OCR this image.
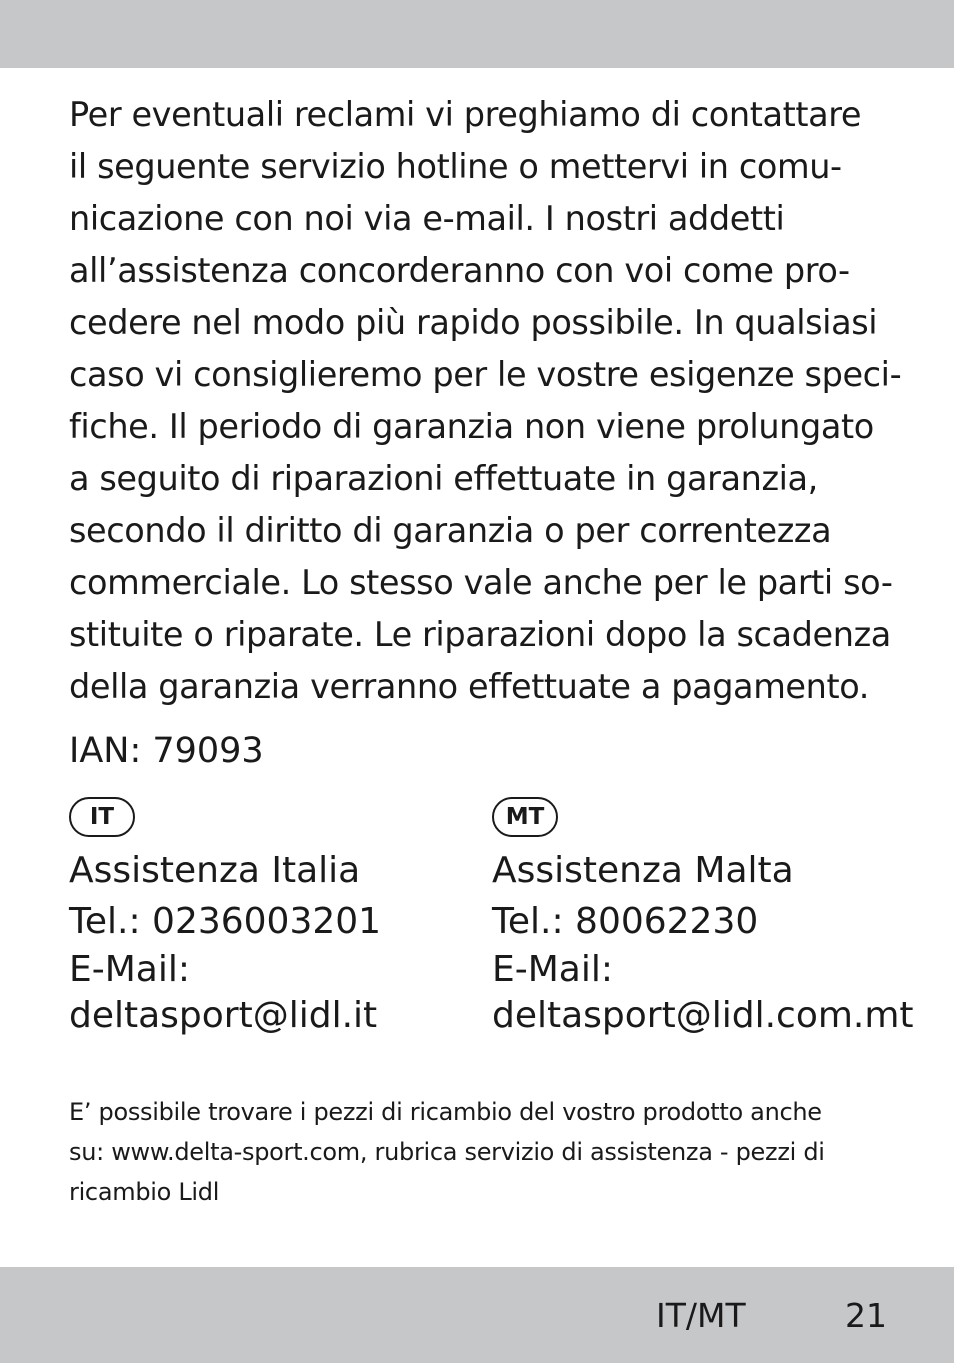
Per eventuali reclami vi preghiamo di contattare
il seguente servizio hotline o mettervi in comu-
nicazione con noi via e-mail. I nostri addetti
all’assistenza concorderanno con voi come pro-
cedere nel modo più rapido possibile. In qualsiasi
caso vi consiglieremo per le vostre esigenze speci-
fiche. Il periodo di garanzia non viene prolungato
a seguito di riparazioni effettuate in garanzia,
secondo il diritto di garanzia o per correntezza
commerciale. Lo stesso vale anche per le parti so-
stituite o riparate. Le riparazioni dopo la scadenza
della garanzia verranno effettuate a pagamento.
IAN: 79093
IT
Assistenza Italia
Tel.: 0236003201
E-Mail:
deltasport@lidl.it
MT
Assistenza Malta
Tel.: 80062230
E-Mail:
deltasport@lidl.com.mt
E’ possibile trovare i pezzi di ricambio del vostro prodotto anche
su: www.delta-sport.com, rubrica servizio di assistenza - pezzi di
ricambio Lidl
IT/MT	21
